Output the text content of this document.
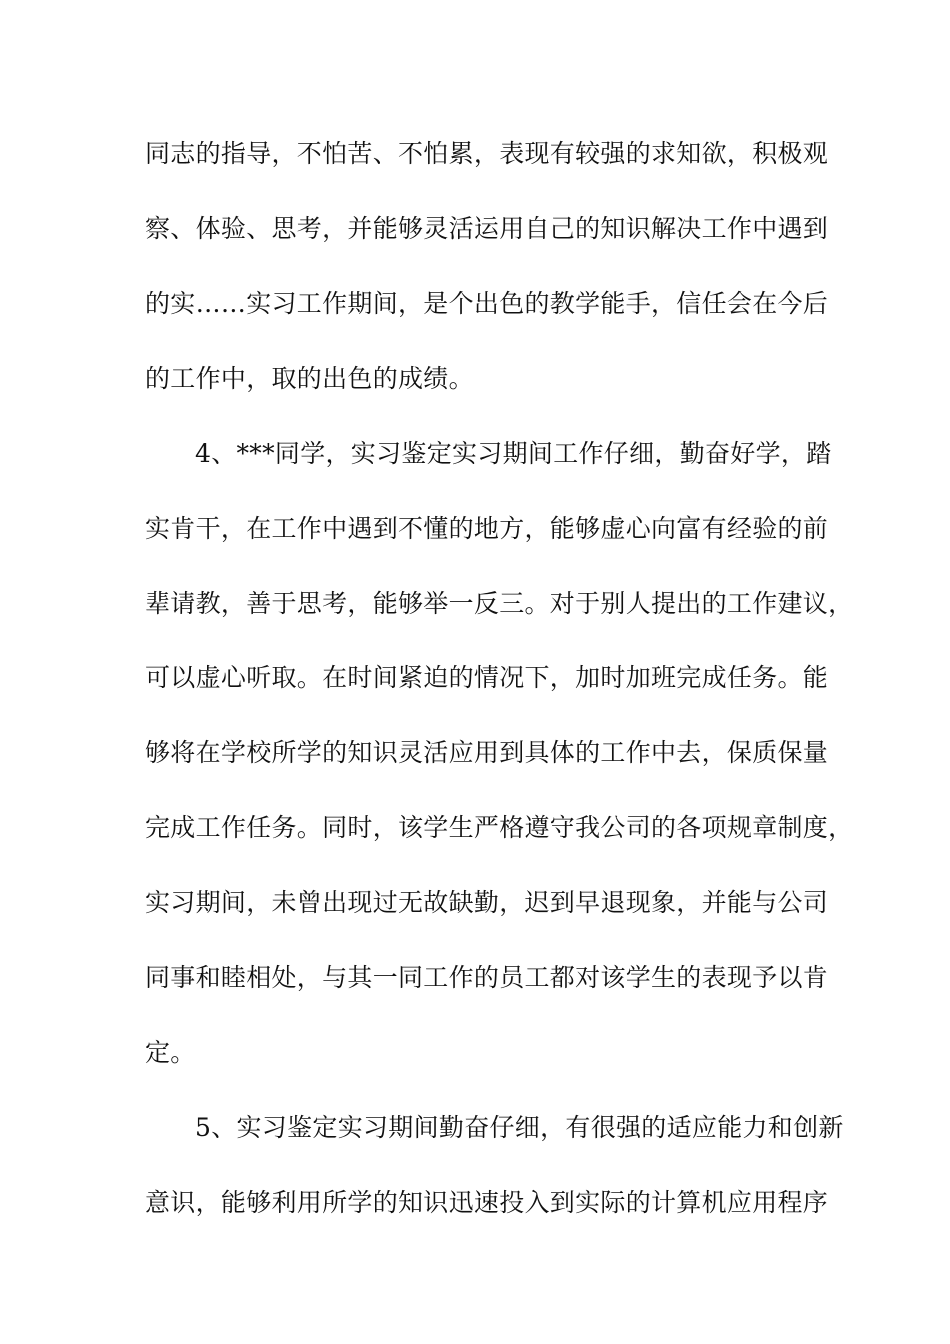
同志的指导，不怕苦、不怕累，表现有较强的求知欲，积极观
察、体验、思考，并能够灵活运用自己的知识解决工作中遇到
的实……实习工作期间，是个出色的教学能手，信任会在今后
的工作中，取的出色的成绩。
4、***同学，实习鉴定实习期间工作仔细，勤奋好学，踏
实肯干，在工作中遇到不懂的地方，能够虚心向富有经验的前
辈请教，善于思考，能够举一反三。对于别人提出的工作建议，
可以虚心听取。在时间紧迫的情况下，加时加班完成任务。能
够将在学校所学的知识灵活应用到具体的工作中去，保质保量
完成工作任务。同时，该学生严格遵守我公司的各项规章制度，
实习期间，未曾出现过无故缺勤，迟到早退现象，并能与公司
同事和睦相处，与其一同工作的员工都对该学生的表现予以肯
定。
5、实习鉴定实习期间勤奋仔细，有很强的适应能力和创新
意识，能够利用所学的知识迅速投入到实际的计算机应用程序
